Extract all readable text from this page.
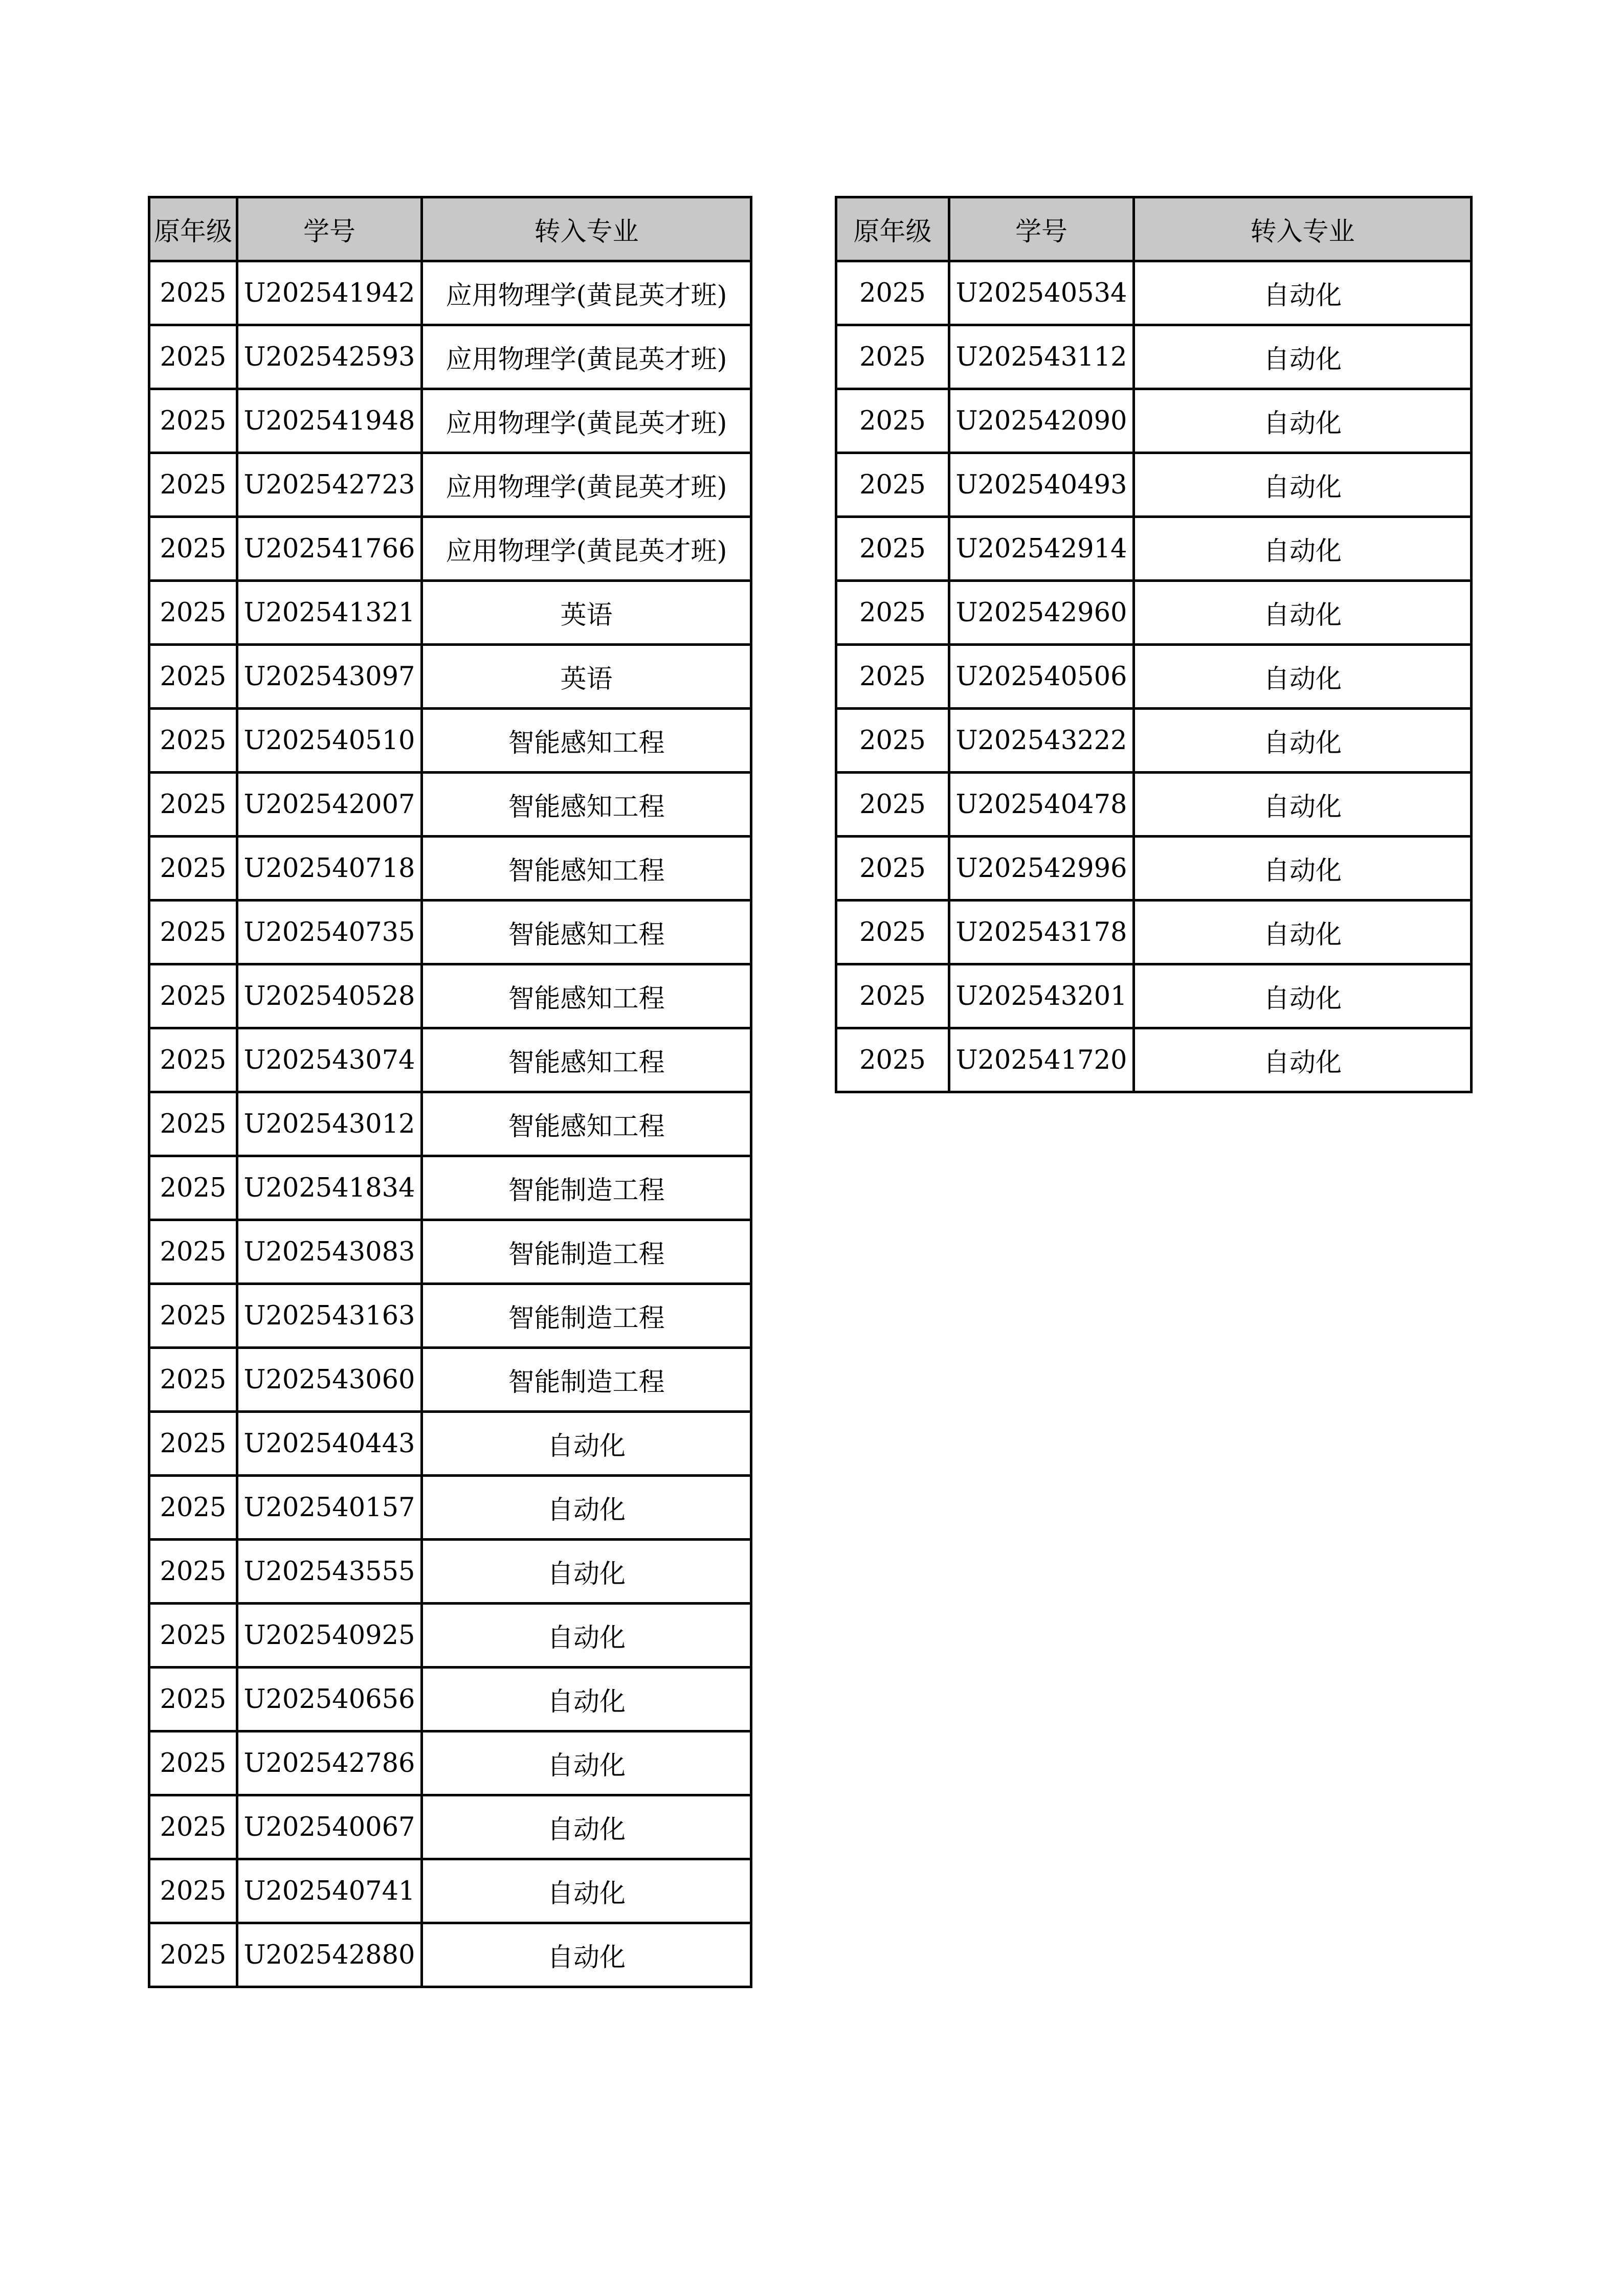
原年级	学号	转入专业
2025	U202541942	应用物理学(黄昆英才班)
2025	U202542593	应用物理学(黄昆英才班)
2025	U202541948	应用物理学(黄昆英才班)
2025	U202542723	应用物理学(黄昆英才班)
2025	U202541766	应用物理学(黄昆英才班)
2025	U202541321	英语
2025	U202543097	英语
2025	U202540510	智能感知工程
2025	U202542007	智能感知工程
2025	U202540718	智能感知工程
2025	U202540735	智能感知工程
2025	U202540528	智能感知工程
2025	U202543074	智能感知工程
2025	U202543012	智能感知工程
2025	U202541834	智能制造工程
2025	U202543083	智能制造工程
2025	U202543163	智能制造工程
2025	U202543060	智能制造工程
2025	U202540443	自动化
2025	U202540157	自动化
2025	U202543555	自动化
2025	U202540925	自动化
2025	U202540656	自动化
2025	U202542786	自动化
2025	U202540067	自动化
2025	U202540741	自动化
2025	U202542880	自动化
原年级	学号	转入专业
2025	U202540534	自动化
2025	U202543112	自动化
2025	U202542090	自动化
2025	U202540493	自动化
2025	U202542914	自动化
2025	U202542960	自动化
2025	U202540506	自动化
2025	U202543222	自动化
2025	U202540478	自动化
2025	U202542996	自动化
2025	U202543178	自动化
2025	U202543201	自动化
2025	U202541720	自动化
